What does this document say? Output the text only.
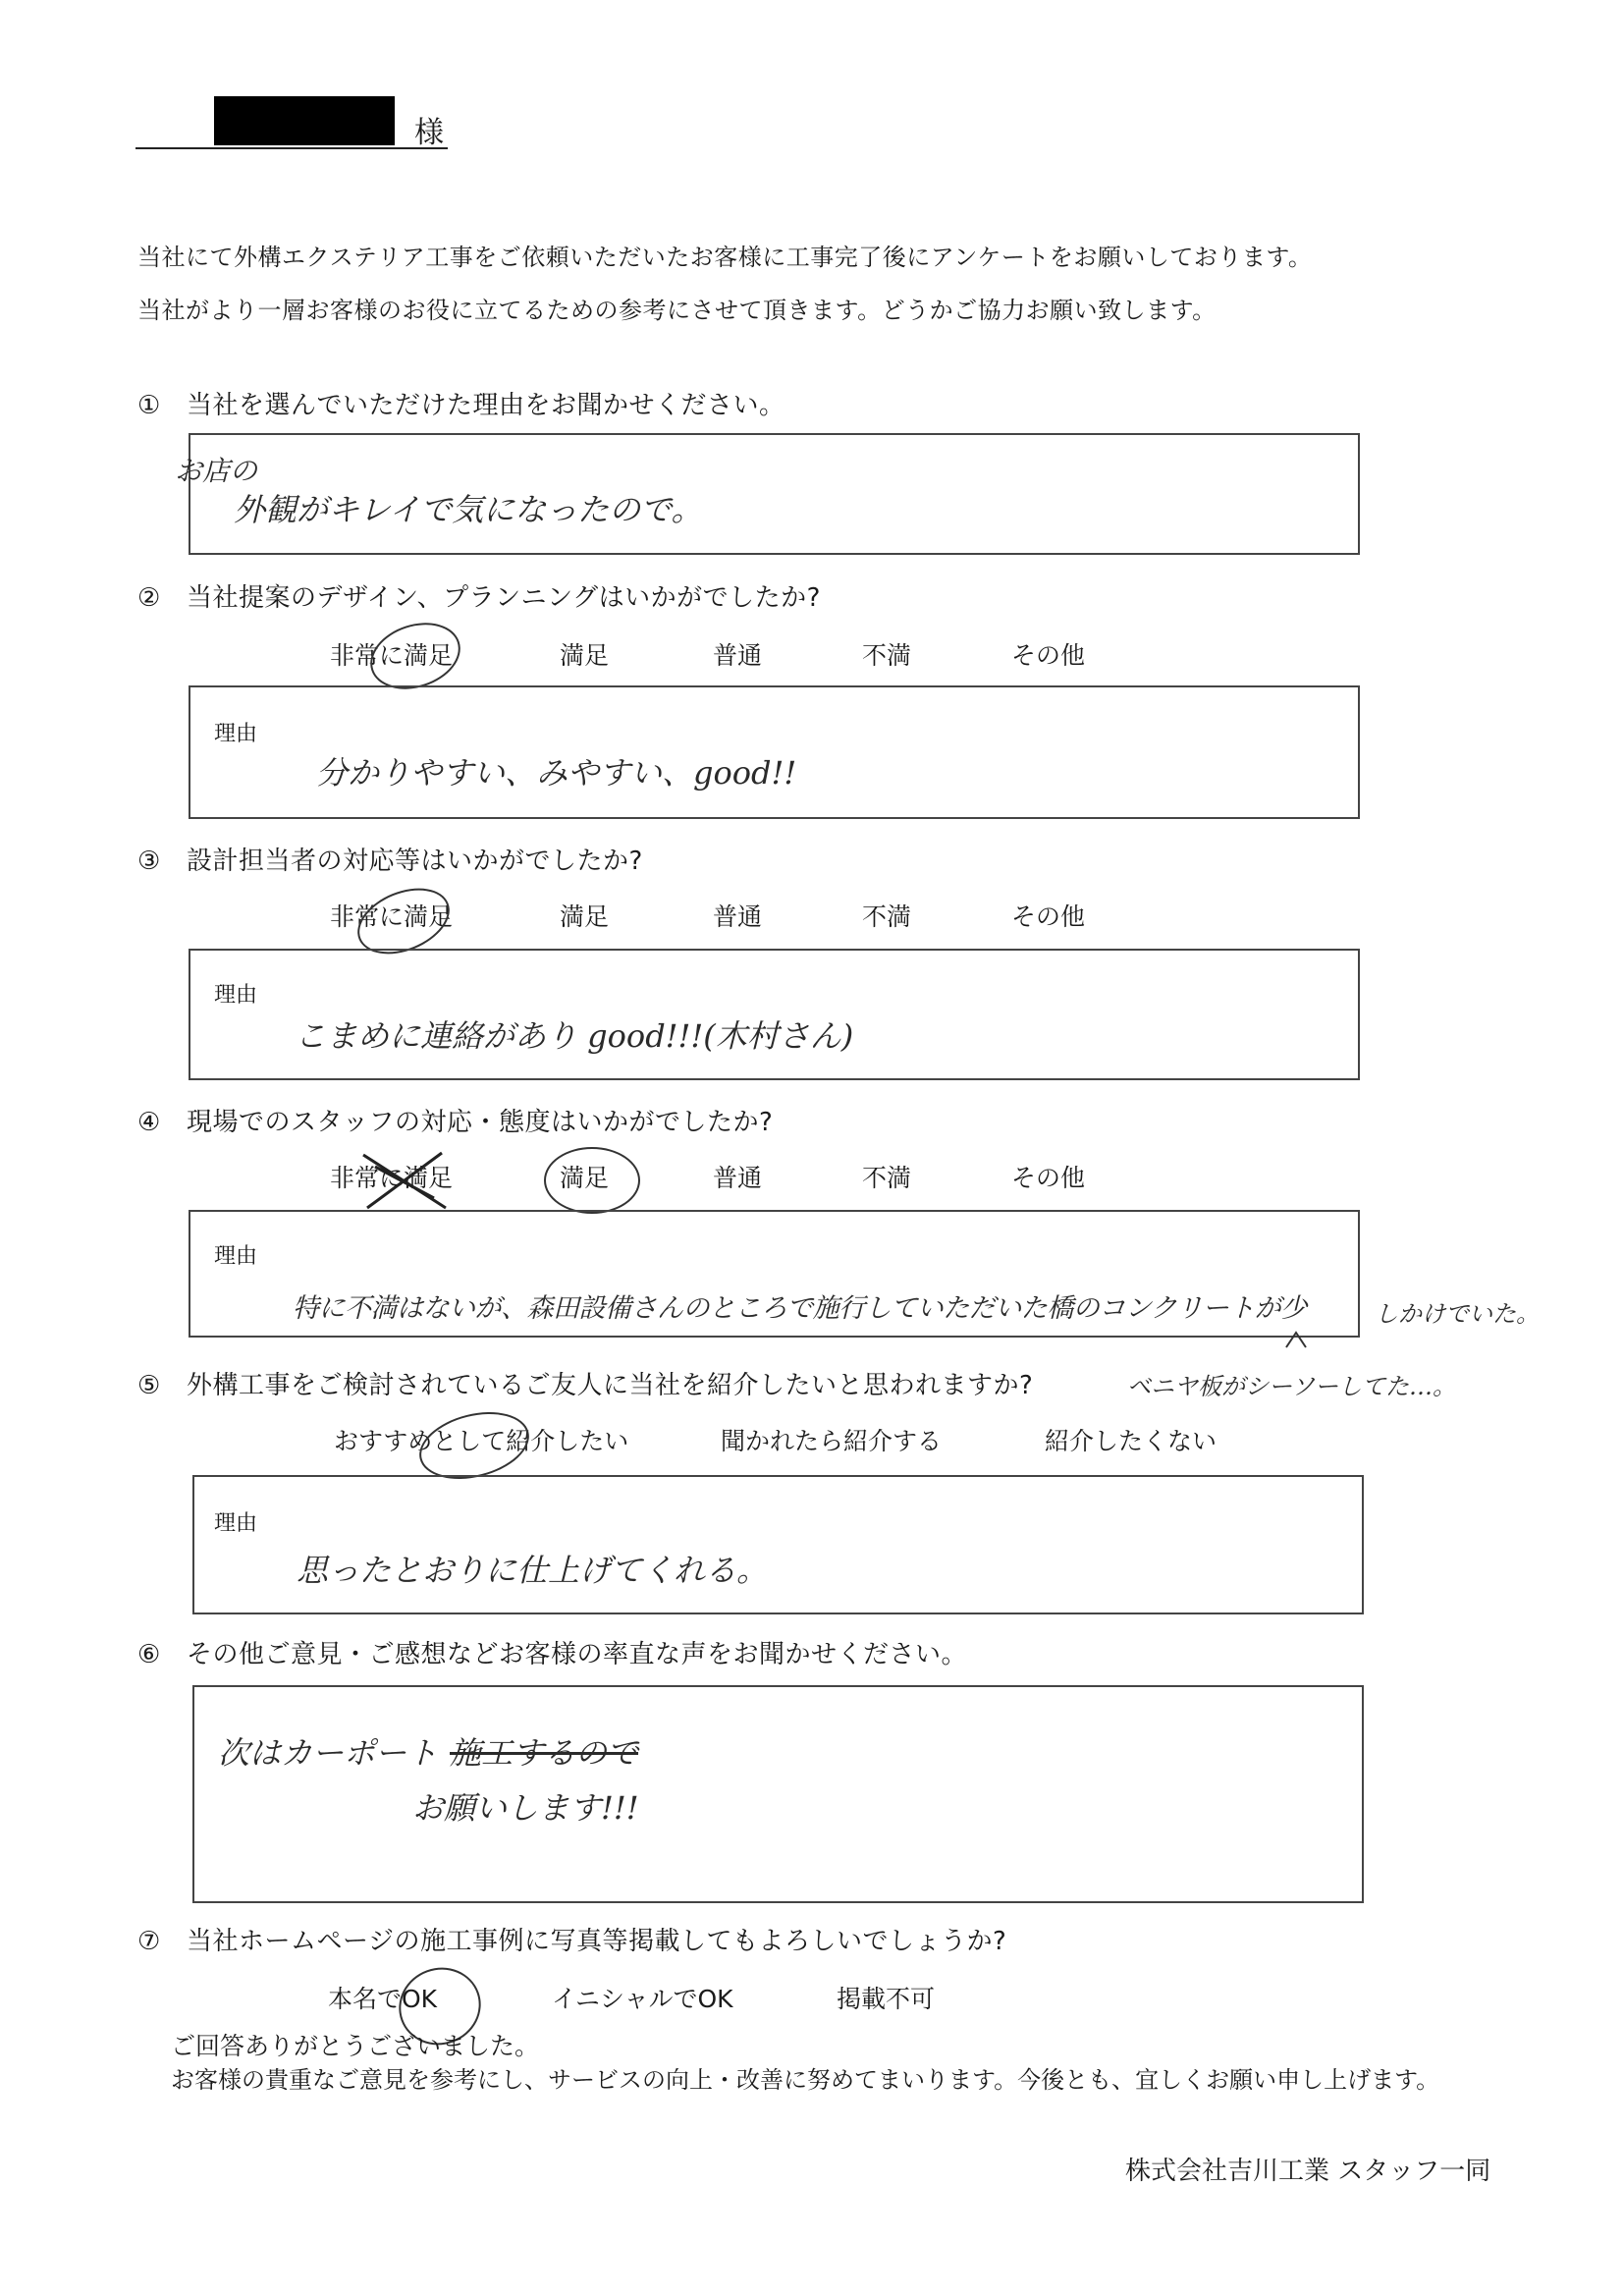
様
当社にて外構エクステリア工事をご依頼いただいたお客様に工事完了後にアンケートをお願いしております。
当社がより一層お客様のお役に立てるための参考にさせて頂きます。どうかご協力お願い致します。
① 当社を選んでいただけた理由をお聞かせください。
お店の
外観がキレイで気になったので。
② 当社提案のデザイン、プランニングはいかがでしたか?
非常に満足	満足	普通	不満	その他
理由
分かりやすい、みやすい、good!!
③ 設計担当者の対応等はいかがでしたか?
非常に満足	満足	普通	不満	その他
理由
こまめに連絡があり good!!!(木村さん)
④ 現場でのスタッフの対応・態度はいかがでしたか?
非常に満足	満足	普通	不満	その他
理由
特に不満はないが、森田設備さんのところで施行していただいた橋のコンクリートが少	しかけでいた。
ベニヤ板がシーソーしてた…。
⑤ 外構工事をご検討されているご友人に当社を紹介したいと思われますか?
おすすめとして紹介したい	聞かれたら紹介する	紹介したくない
理由
思ったとおりに仕上げてくれる。
⑥ その他ご意見・ご感想などお客様の率直な声をお聞かせください。
次はカーポート 施工するので
お願いします!!!
⑦ 当社ホームページの施工事例に写真等掲載してもよろしいでしょうか?
本名でOK	イニシャルでOK	掲載不可
ご回答ありがとうございました。
お客様の貴重なご意見を参考にし、サービスの向上・改善に努めてまいります。今後とも、宜しくお願い申し上げます。
株式会社吉川工業 スタッフ一同
